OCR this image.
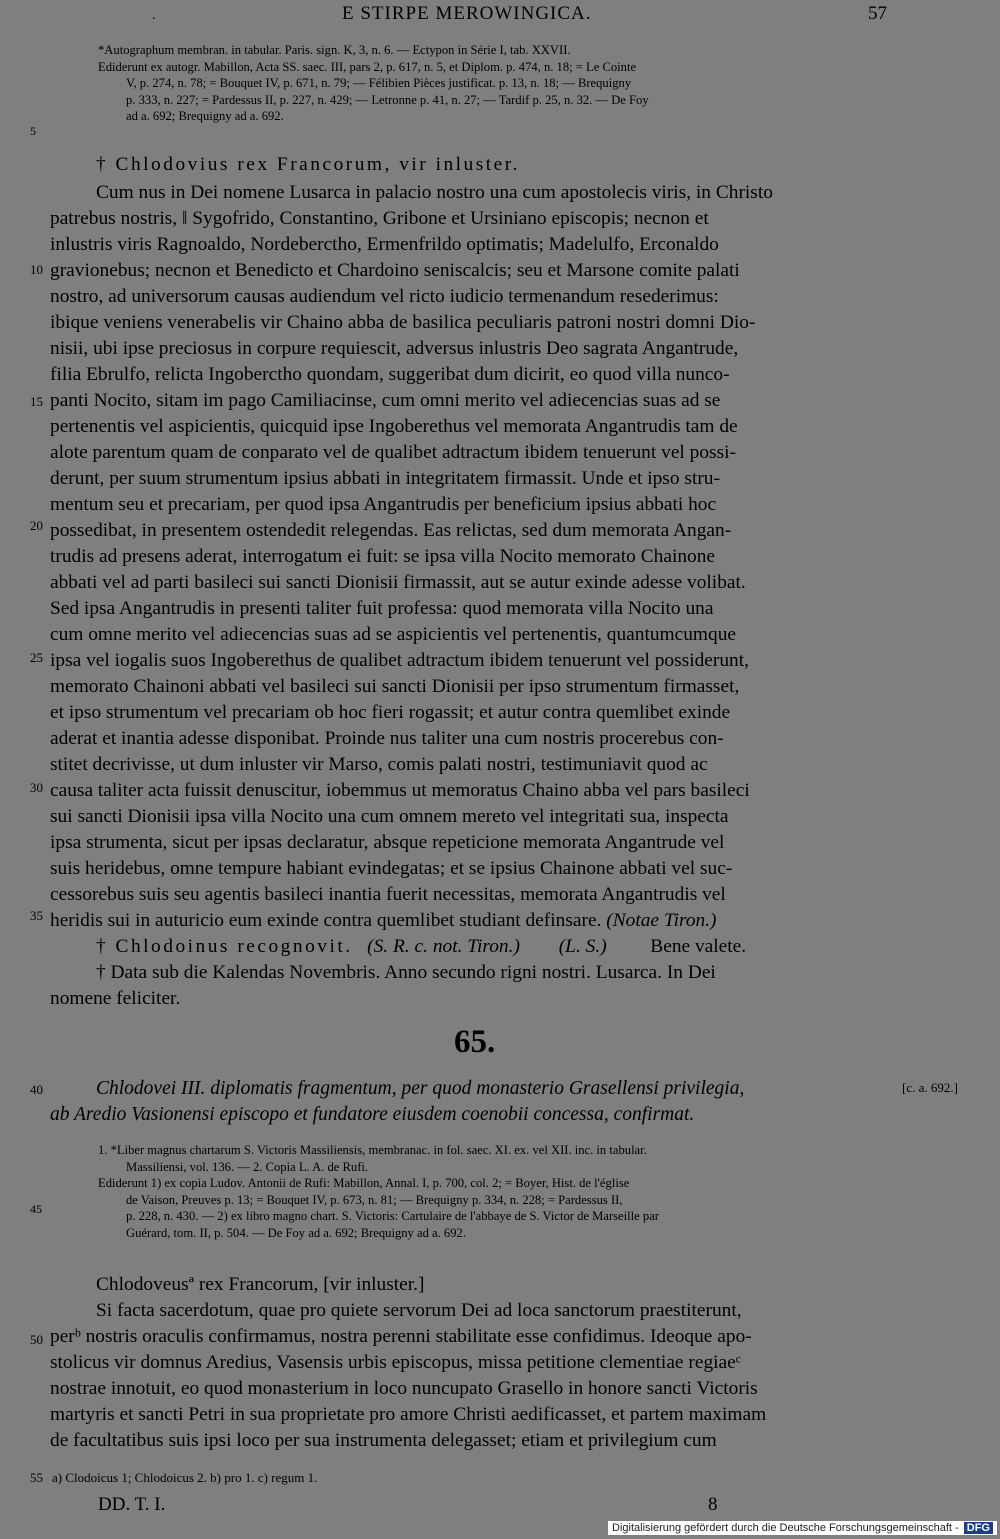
.	E STIRPE MEROWINGICA.	57
*Autographum membran. in tabular. Paris. sign. K, 3, n. 6. — Ectypon in Série I, tab. XXVII.
Ediderunt ex autogr. Mabillon, Acta SS. saec. III, pars 2, p. 617, n. 5, et Diplom. p. 474, n. 18; = Le Cointe
V, p. 274, n. 78; = Bouquet IV, p. 671, n. 79; — Félibien Pièces justificat. p. 13, n. 18; — Brequigny
p. 333, n. 227; = Pardessus II, p. 227, n. 429; — Letronne p. 41, n. 27; — Tardif p. 25, n. 32. — De Foy
ad a. 692; Brequigny ad a. 692.
5
† Chlodovius rex Francorum, vir inluster.
Cum nus in Dei nomene Lusarca in palacio nostro una cum apostolecis viris, in Christo
patrebus nostris, ‖ Sygofrido, Constantino, Gribone et Ursiniano episcopis; necnon et
inlustris viris Ragnoaldo, Nordeberctho, Ermenfrildo optimatis; Madelulfo, Erconaldo
gravionebus; necnon et Benedicto et Chardoino seniscalcis; seu et Marsone comite palati
nostro, ad universorum causas audiendum vel ricto iudicio termenandum resederimus:
ibique veniens venerabelis vir Chaino abba de basilica peculiaris patroni nostri domni Dio-
nisii, ubi ipse preciosus in corpure requiescit, adversus inlustris Deo sagrata Angantrude,
filia Ebrulfo, relicta Ingoberctho quondam, suggeribat dum dicirit, eo quod villa nunco-
panti Nocito, sitam im pago Camiliacinse, cum omni merito vel adiecencias suas ad se
pertenentis vel aspicientis, quicquid ipse Ingoberethus vel memorata Angantrudis tam de
alote parentum quam de conparato vel de qualibet adtractum ibidem tenuerunt vel possi-
derunt, per suum strumentum ipsius abbati in integritatem firmassit. Unde et ipso stru-
mentum seu et precariam, per quod ipsa Angantrudis per beneficium ipsius abbati hoc
possedibat, in presentem ostendedit relegendas. Eas relictas, sed dum memorata Angan-
trudis ad presens aderat, interrogatum ei fuit: se ipsa villa Nocito memorato Chainone
abbati vel ad parti basileci sui sancti Dionisii firmassit, aut se autur exinde adesse volibat.
Sed ipsa Angantrudis in presenti taliter fuit professa: quod memorata villa Nocito una
cum omne merito vel adiecencias suas ad se aspicientis vel pertenentis, quantumcumque
ipsa vel iogalis suos Ingoberethus de qualibet adtractum ibidem tenuerunt vel possiderunt,
memorato Chainoni abbati vel basileci sui sancti Dionisii per ipso strumentum firmasset,
et ipso strumentum vel precariam ob hoc fieri rogassit; et autur contra quemlibet exinde
aderat et inantia adesse disponibat. Proinde nus taliter una cum nostris procerebus con-
stitet decrivisse, ut dum inluster vir Marso, comis palati nostri, testimuniavit quod ac
causa taliter acta fuissit denuscitur, iobemmus ut memoratus Chaino abba vel pars basileci
sui sancti Dionisii ipsa villa Nocito una cum omnem mereto vel integritati sua, inspecta
ipsa strumenta, sicut per ipsas declaratur, absque repeticione memorata Angantrude vel
suis heridebus, omne tempure habiant evindegatas; et se ipsius Chainone abbati vel suc-
cessorebus suis seu agentis basileci inantia fuerit necessitas, memorata Angantrudis vel
heridis sui in auturicio eum exinde contra quemlibet studiant definsare. (Notae Tiron.)
† Chlodoinus recognovit. (S. R. c. not. Tiron.) (L. S.) Bene valete.
† Data sub die Kalendas Novembris. Anno secundo rigni nostri. Lusarca. In Dei
nomene feliciter.
10
15
20
25
30
35
65.
Chlodovei III. diplomatis fragmentum, per quod monasterio Grasellensi privilegia,
ab Aredio Vasionensi episcopo et fundatore eiusdem coenobii concessa, confirmat.
40	[c. a. 692.]
1. *Liber magnus chartarum S. Victoris Massiliensis, membranac. in fol. saec. XI. ex. vel XII. inc. in tabular.
Massiliensi, vol. 136. — 2. Copia L. A. de Rufi.
Ediderunt 1) ex copia Ludov. Antonii de Rufi: Mabillon, Annal. I, p. 700, col. 2; = Boyer, Hist. de l'église
de Vaison, Preuves p. 13; = Bouquet IV, p. 673, n. 81; — Brequigny p. 334, n. 228; = Pardessus II,
p. 228, n. 430. — 2) ex libro magno chart. S. Victoris: Cartulaire de l'abbaye de S. Victor de Marseille par
Guérard, tom. II, p. 504. — De Foy ad a. 692; Brequigny ad a. 692.
45
Chlodoveusª rex Francorum, [vir inluster.]
Si facta sacerdotum, quae pro quiete servorum Dei ad loca sanctorum praestiterunt,
perᵇ nostris oraculis confirmamus, nostra perenni stabilitate esse confidimus. Ideoque apo-
stolicus vir domnus Aredius, Vasensis urbis episcopus, missa petitione clementiae regiaeᶜ
nostrae innotuit, eo quod monasterium in loco nuncupato Grasello in honore sancti Victoris
martyris et sancti Petri in sua proprietate pro amore Christi aedificasset, et partem maximam
de facultatibus suis ipsi loco per sua instrumenta delegasset; etiam et privilegium cum
50
55 a) Clodoicus 1; Chlodoicus 2. b) pro 1. c) regum 1.
DD. T. I.	8
Digitalisierung gefördert durch die Deutsche Forschungsgemeinschaft - DFG
